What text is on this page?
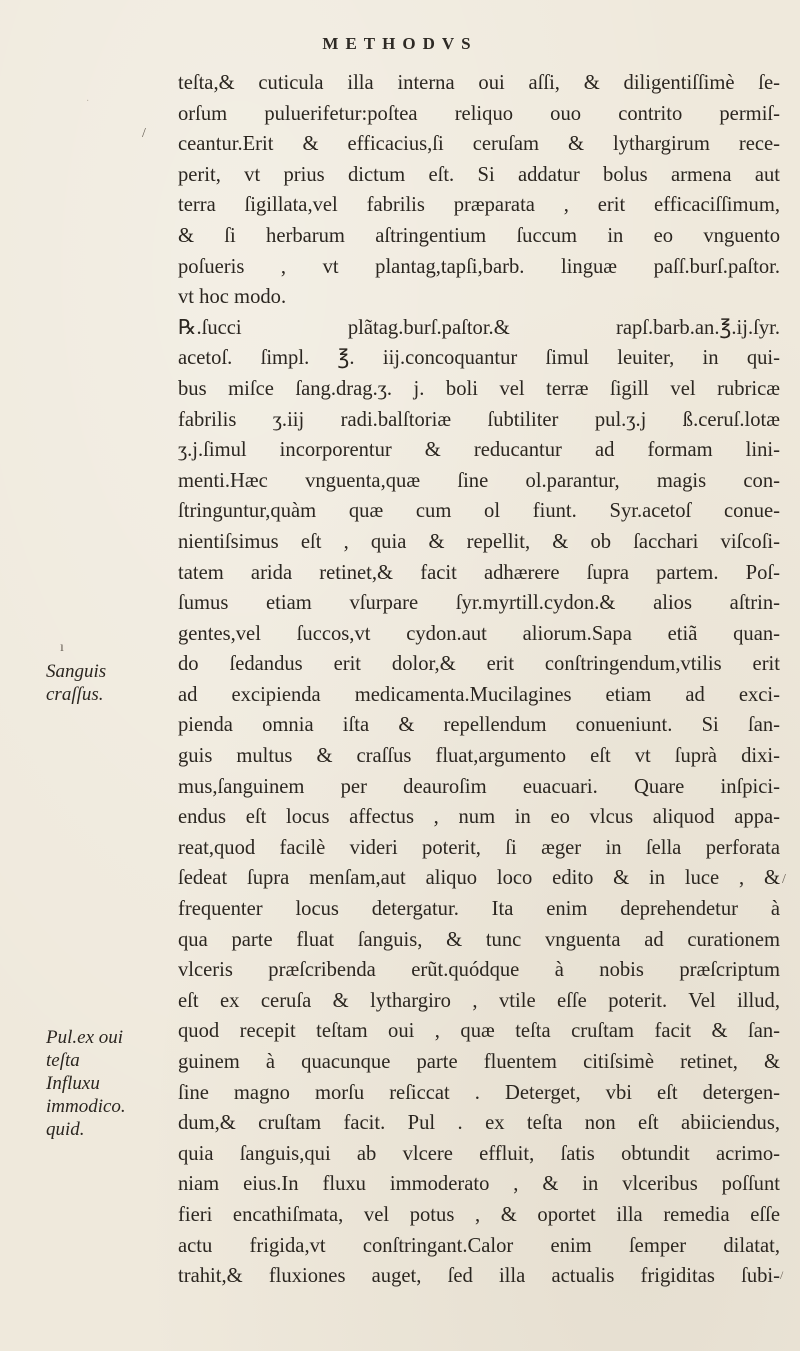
METHODVS
ı
·
/
Sanguis
craſſus.
Pul.ex oui
teſta
Influxu
immodico.
quid.
/
/
teſta,& cuticula illa interna oui aſſi, & diligentiſſimè ſe-
orſum puluerifetur:poſtea reliquo ouo contrito permiſ-
ceantur.Erit & efficacius,ſi ceruſam & lythargirum rece-
perit, vt prius dictum eſt. Si addatur bolus armena aut
terra ſigillata,vel fabrilis præparata , erit efficaciſſimum,
& ſi herbarum aſtringentium ſuccum in eo vnguento
poſueris , vt plantag,tapſi,barb. linguæ paſſ.burſ.paſtor.
vt hoc modo.
℞.ſucci plãtag.burſ.paſtor.& rapſ.barb.an.℥.ij.ſyr.
acetoſ. ſimpl. ℥. iij.concoquantur ſimul leuiter, in qui-
bus miſce ſang.drag.ʒ. j. boli vel terræ ſigill vel rubricæ
fabrilis ʒ.iij radi.balſtoriæ ſubtiliter pul.ʒ.j ß.ceruſ.lotæ
ʒ.j.ſimul incorporentur & reducantur ad formam lini-
menti.Hæc vnguenta,quæ ſine ol.parantur, magis con-
ſtringuntur,quàm quæ cum ol fiunt. Syr.acetoſ conue-
nientiſsimus eſt , quia & repellit, & ob ſacchari viſcoſi-
tatem arida retinet,& facit adhærere ſupra partem. Poſ-
ſumus etiam vſurpare ſyr.myrtill.cydon.& alios aſtrin-
gentes,vel ſuccos,vt cydon.aut aliorum.Sapa etiã quan-
do ſedandus erit dolor,& erit conſtringendum,vtilis erit
ad excipienda medicamenta.Mucilagines etiam ad exci-
pienda omnia iſta & repellendum conueniunt. Si ſan-
guis multus & craſſus fluat,argumento eſt vt ſuprà dixi-
mus,ſanguinem per deauroſim euacuari. Quare inſpici-
endus eſt locus affectus , num in eo vlcus aliquod appa-
reat,quod facilè videri poterit, ſi æger in ſella perforata
ſedeat ſupra menſam,aut aliquo loco edito & in luce , &
frequenter locus detergatur. Ita enim deprehendetur à
qua parte fluat ſanguis, & tunc vnguenta ad curationem
vlceris præſcribenda erũt.quódque à nobis præſcriptum
eſt ex ceruſa & lythargiro , vtile eſſe poterit. Vel illud,
quod recepit teſtam oui , quæ teſta cruſtam facit & ſan-
guinem à quacunque parte fluentem citiſsimè retinet, &
ſine magno morſu reſiccat . Deterget, vbi eſt detergen-
dum,& cruſtam facit. Pul . ex teſta non eſt abiiciendus,
quia ſanguis,qui ab vlcere effluit, ſatis obtundit acrimo-
niam eius.In fluxu immoderato , & in vlceribus poſſunt
fieri encathiſmata, vel potus , & oportet illa remedia eſſe
actu frigida,vt conſtringant.Calor enim ſemper dilatat,
trahit,& fluxiones auget, ſed illa actualis frigiditas ſubi-
